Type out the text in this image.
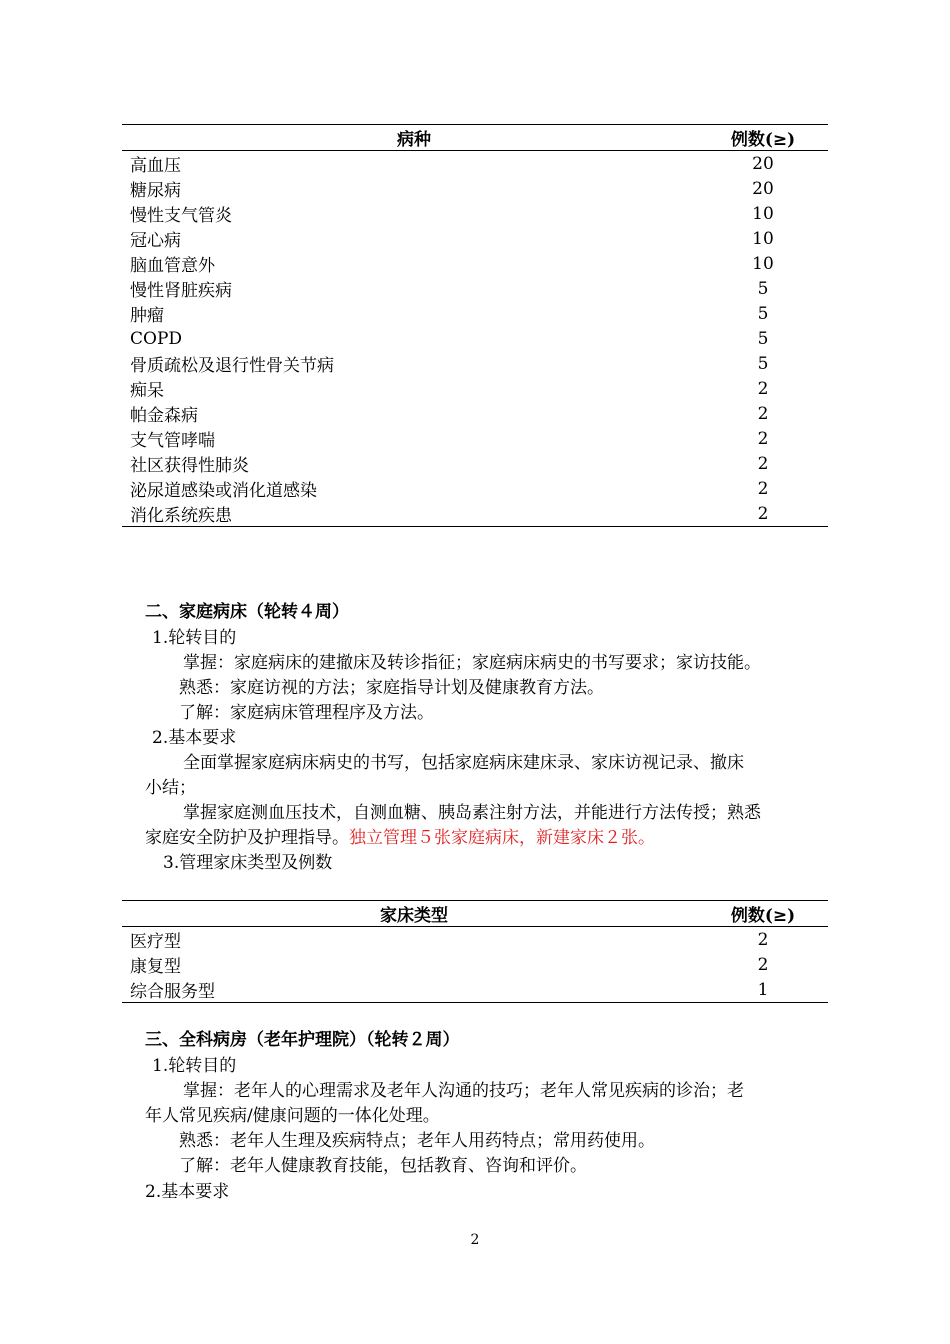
病种	例数(≥)
高血压	20
糖尿病	20
慢性支气管炎	10
冠心病	10
脑血管意外	10
慢性肾脏疾病	5
肿瘤	5
COPD	5
骨质疏松及退行性骨关节病	5
痴呆	2
帕金森病	2
支气管哮喘	2
社区获得性肺炎	2
泌尿道感染或消化道感染	2
消化系统疾患	2
二、家庭病床（轮转４周）
1.轮转目的
掌握：家庭病床的建撤床及转诊指征；家庭病床病史的书写要求；家访技能。
熟悉：家庭访视的方法；家庭指导计划及健康教育方法。
了解：家庭病床管理程序及方法。
2.基本要求
全面掌握家庭病床病史的书写，包括家庭病床建床录、家床访视记录、撤床
小结；
掌握家庭测血压技术，自测血糖、胰岛素注射方法，并能进行方法传授；熟悉
家庭安全防护及护理指导。独立管理５张家庭病床，新建家床２张。
3.管理家床类型及例数
家床类型	例数(≥)
医疗型	2
康复型	2
综合服务型	1
三、全科病房（老年护理院）（轮转２周）
1.轮转目的
掌握：老年人的心理需求及老年人沟通的技巧；老年人常见疾病的诊治；老
年人常见疾病/健康问题的一体化处理。
熟悉：老年人生理及疾病特点；老年人用药特点；常用药使用。
了解：老年人健康教育技能，包括教育、咨询和评价。
2.基本要求
2
